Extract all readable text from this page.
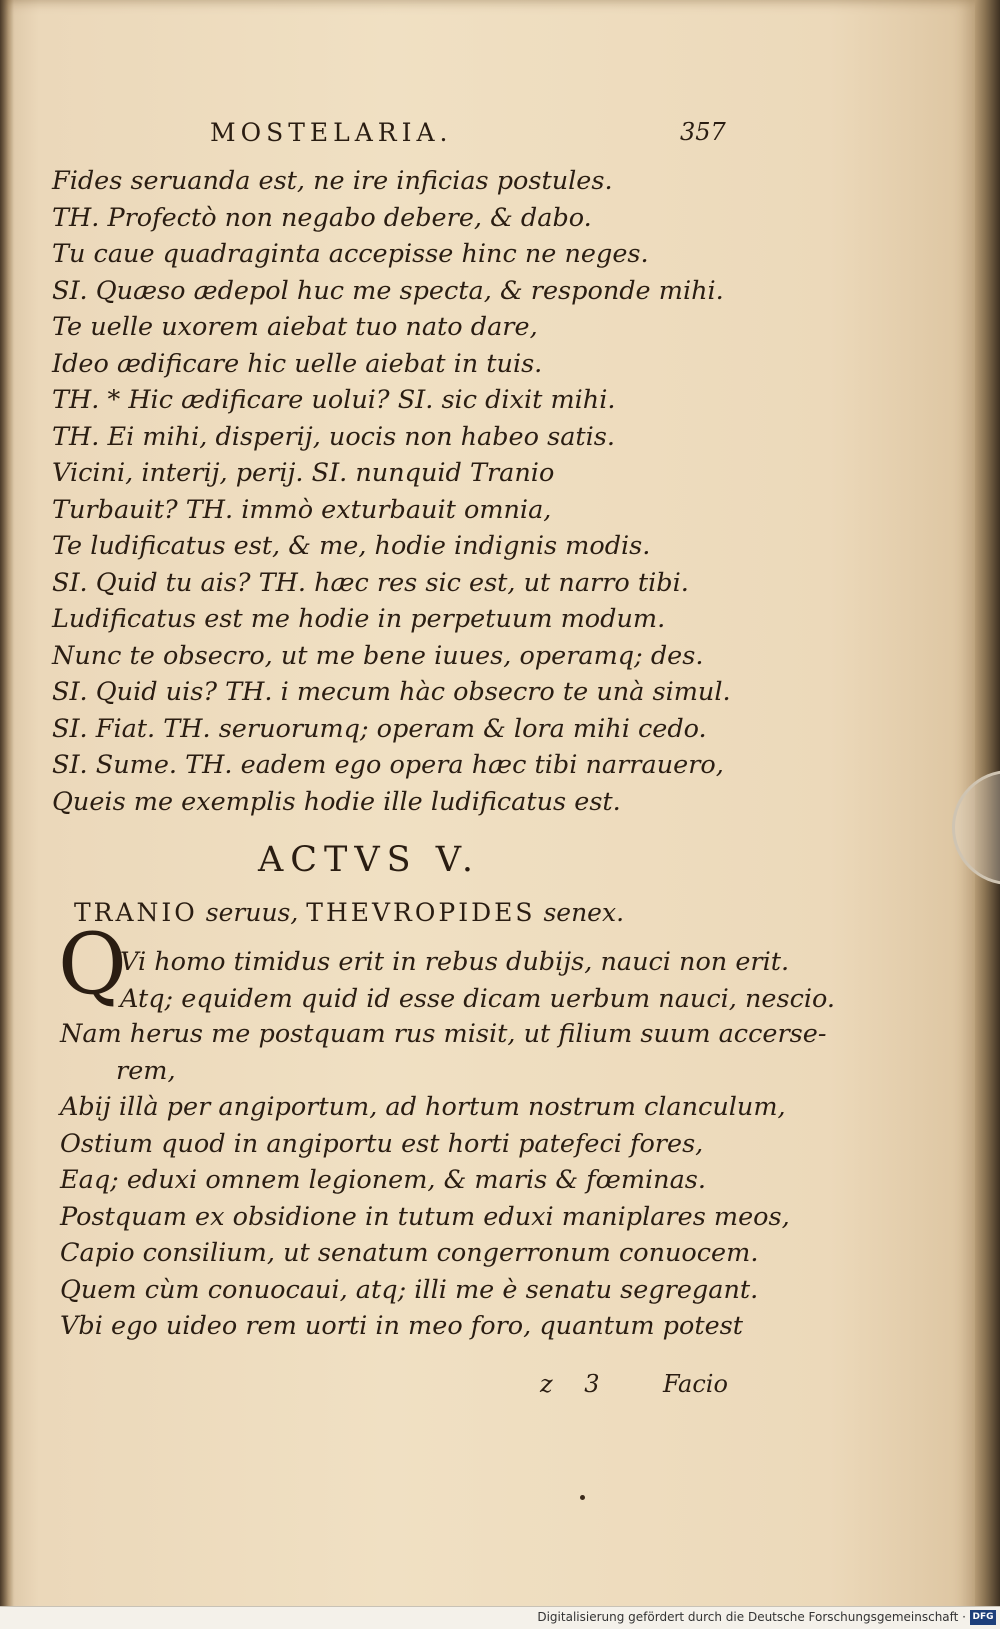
MOSTELARIA.	357
Fides seruanda est, ne ire inficias postules.
TH. Profectò non negabo debere, & dabo.
Tu caue quadraginta accepisse hinc ne neges.
SI. Quæso ædepol huc me specta, & responde mihi.
Te uelle uxorem aiebat tuo nato dare,
Ideo ædificare hic uelle aiebat in tuis.
TH. * Hic ædificare uolui? SI. sic dixit mihi.
TH. Ei mihi, disperij, uocis non habeo satis.
Vicini, interij, perij. SI. nunquid Tranio
Turbauit? TH. immò exturbauit omnia,
Te ludificatus est, & me, hodie indignis modis.
SI. Quid tu ais? TH. hæc res sic est, ut narro tibi.
Ludificatus est me hodie in perpetuum modum.
Nunc te obsecro, ut me bene iuues, operamq; des.
SI. Quid uis? TH. i mecum hàc obsecro te unà simul.
SI. Fiat. TH. seruorumq; operam & lora mihi cedo.
SI. Sume. TH. eadem ego opera hæc tibi narrauero,
Queis me exemplis hodie ille ludificatus est.
ACTVS V.
TRANIO seruus, THEVROPIDES senex.
Q
Vi homo timidus erit in rebus dubijs, nauci non erit.
Atq; equidem quid id esse dicam uerbum nauci, nescio.
Nam herus me postquam rus misit, ut filium suum accerse-
rem,
Abij illà per angiportum, ad hortum nostrum clanculum,
Ostium quod in angiportu est horti patefeci fores,
Eaq; eduxi omnem legionem, & maris & fœminas.
Postquam ex obsidione in tutum eduxi maniplares meos,
Capio consilium, ut senatum congerronum conuocem.
Quem cùm conuocaui, atq; illi me è senatu segregant.
Vbi ego uideo rem uorti in meo foro, quantum potest
z 3 Facio
Digitalisierung gefördert durch die Deutsche Forschungsgemeinschaft · DFG
